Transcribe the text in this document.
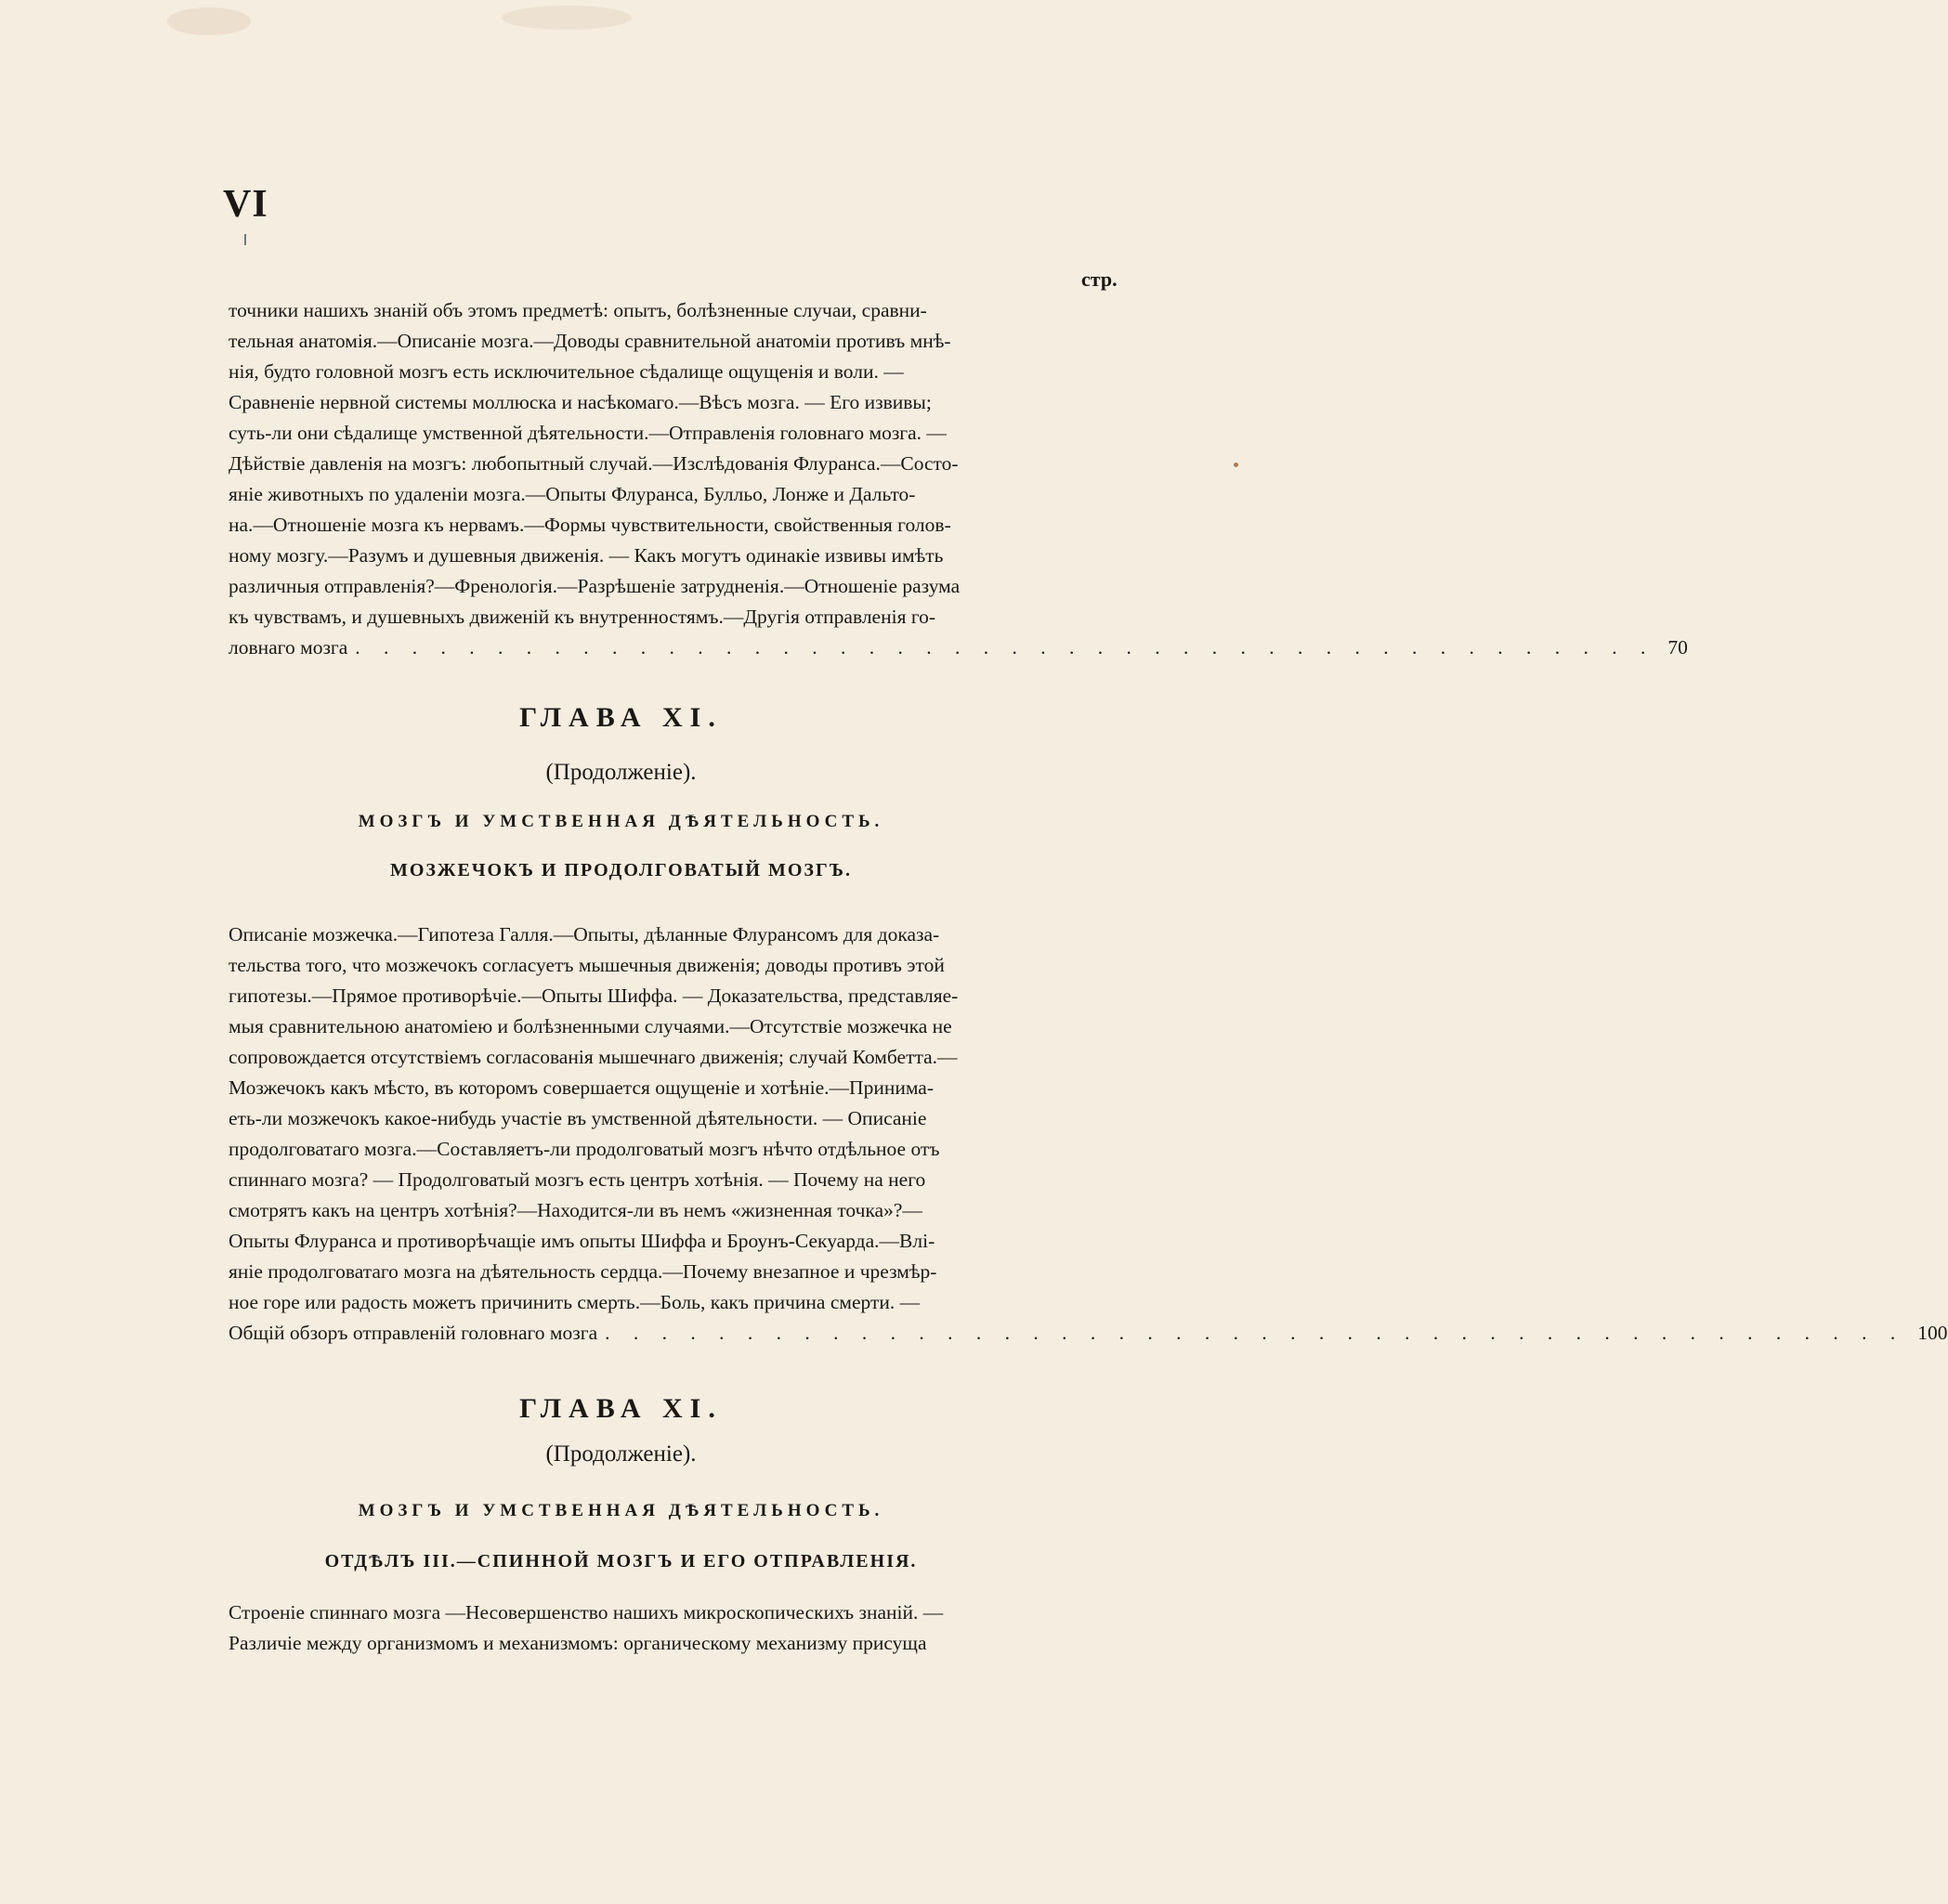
VI
стр.
точники нашихъ знаній объ этомъ предметѣ: опытъ, болѣзненные случаи, сравни-
тельная анатомія.—Описаніе мозга.—Доводы сравнительной анатоміи противъ мнѣ-
нія, будто головной мозгъ есть исключительное сѣдалище ощущенія и воли. —
Сравненіе нервной системы моллюска и насѣкомаго.—Вѣсъ мозга. — Его извивы;
суть-ли они сѣдалище умственной дѣятельности.—Отправленія головнаго мозга. —
Дѣйствіе давленія на мозгъ: любопытный случай.—Изслѣдованія Флуранса.—Состо-
яніе животныхъ по удаленіи мозга.—Опыты Флуранса, Булльо, Лонже и Дальто-
на.—Отношеніе мозга къ нервамъ.—Формы чувствительности, свойственныя голов-
ному мозгу.—Разумъ и душевныя движенія. — Какъ могутъ одинакіе извивы имѣть
различныя отправленія?—Френологія.—Разрѣшеніе затрудненія.—Отношеніе разума
къ чувствамъ, и душевныхъ движеній къ внутренностямъ.—Другія отправленія го-
ловнаго мозга . . . . . . . . . . . . . . . . . . . . . . . . . . . . . . . . . . . . . . . . . . . . . . 70
ГЛАВА XI.
(Продолженіе).
МОЗГЪ И УМСТВЕННАЯ ДѢЯТЕЛЬНОСТЬ.
МОЗЖЕЧОКЪ И ПРОДОЛГОВАТЫЙ МОЗГЪ.
Описаніе мозжечка.—Гипотеза Галля.—Опыты, дѣланные Флурансомъ для доказа-
тельства того, что мозжечокъ согласуетъ мышечныя движенія; доводы противъ этой
гипотезы.—Прямое противорѣчіе.—Опыты Шиффа. — Доказательства, представляе-
мыя сравнительною анатоміею и болѣзненными случаями.—Отсутствіе мозжечка не
сопровождается отсутствіемъ согласованія мышечнаго движенія; случай Комбетта.—
Мозжечокъ какъ мѣсто, въ которомъ совершается ощущеніе и хотѣніе.—Принима-
еть-ли мозжечокъ какое-нибудь участіе въ умственной дѣятельности. — Описаніе
продолговатаго мозга.—Составляетъ-ли продолговатый мозгъ нѣчто отдѣльное отъ
спиннаго мозга? — Продолговатый мозгъ есть центръ хотѣнія. — Почему на него
смотрятъ какъ на центръ хотѣнія?—Находится-ли въ немъ «жизненная точка»?—
Опыты Флуранса и противорѣчащіе имъ опыты Шиффа и Броунъ-Секуарда.—Влі-
яніе продолговатаго мозга на дѣятельность сердца.—Почему внезапное и чрезмѣр-
ное горе или радость можетъ причинить смерть.—Боль, какъ причина смерти. —
Общій обзоръ отправленій головнаго мозга . . . . . . . . . . . . . . . . . . . . . . . . . . . . . . . . . . . . . . . . . . . . . . 100
ГЛАВА XI.
(Продолженіе).
МОЗГЪ И УМСТВЕННАЯ ДѢЯТЕЛЬНОСТЬ.
ОТДѢЛЪ III.—СПИННОЙ МОЗГЪ И ЕГО ОТПРАВЛЕНІЯ.
Строеніе спиннаго мозга —Несовершенство нашихъ микроскопическихъ знаній. —
Различіе между организмомъ и механизмомъ: органическому механизму присуща
